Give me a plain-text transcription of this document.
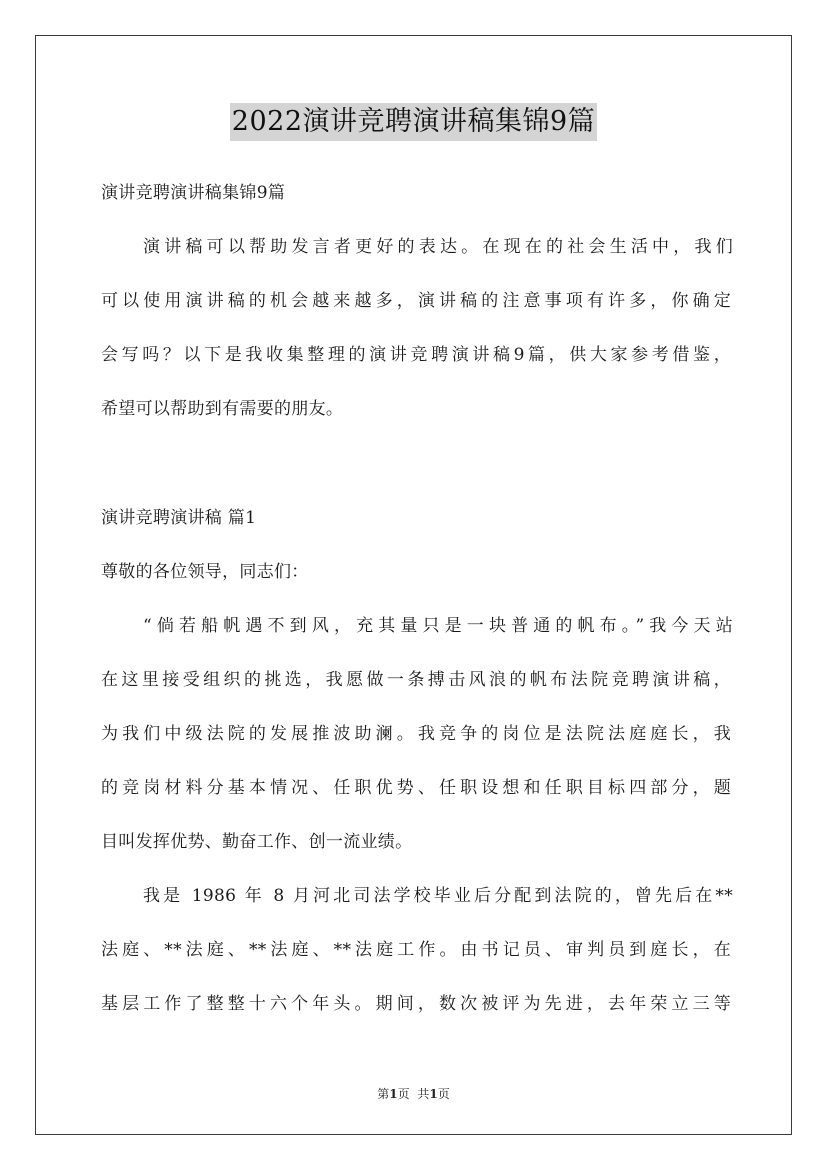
2022演讲竞聘演讲稿集锦9篇
演讲竞聘演讲稿集锦9篇
演讲稿可以帮助发言者更好的表达。在现在的社会生活中，我们
可以使用演讲稿的机会越来越多，演讲稿的注意事项有许多，你确定
会写吗？以下是我收集整理的演讲竞聘演讲稿9篇，供大家参考借鉴，
希望可以帮助到有需要的朋友。
演讲竞聘演讲稿 篇1
尊敬的各位领导，同志们：
“倘若船帆遇不到风，充其量只是一块普通的帆布。”我今天站
在这里接受组织的挑选，我愿做一条搏击风浪的帆布法院竞聘演讲稿，
为我们中级法院的发展推波助澜。我竞争的岗位是法院法庭庭长，我
的竞岗材料分基本情况、任职优势、任职设想和任职目标四部分，题
目叫发挥优势、勤奋工作、创一流业绩。
我是 1986 年 8 月河北司法学校毕业后分配到法院的，曾先后在**
法庭、**法庭、**法庭、**法庭工作。由书记员、审判员到庭长，在
基层工作了整整十六个年头。期间，数次被评为先进，去年荣立三等
第1页 共1页
